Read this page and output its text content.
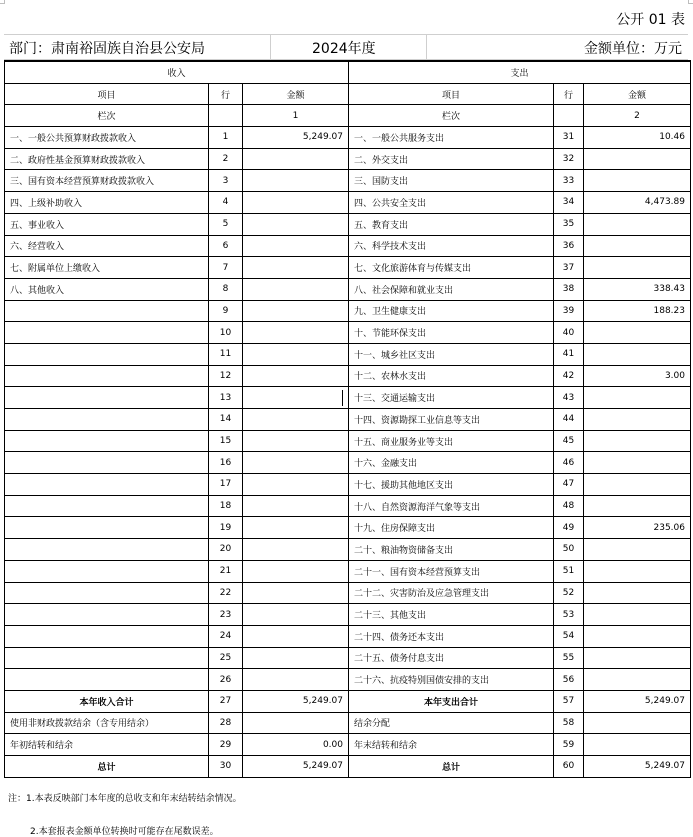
公开 01 表
部门：肃南裕固族自治县公安局	2024年度	金额单位：万元
收入			支出		
项目	行	金额	项目	行	金额
栏次		1	栏次		2
一、一般公共预算财政拨款收入	1	5,249.07	一、一般公共服务支出	31	10.46
二、政府性基金预算财政拨款收入	2		二、外交支出	32	
三、国有资本经营预算财政拨款收入	3		三、国防支出	33	
四、上级补助收入	4		四、公共安全支出	34	4,473.89
五、事业收入	5		五、教育支出	35	
六、经营收入	6		六、科学技术支出	36	
七、附属单位上缴收入	7		七、文化旅游体育与传媒支出	37	
八、其他收入	8		八、社会保障和就业支出	38	338.43
	9		九、卫生健康支出	39	188.23
	10		十、节能环保支出	40	
	11		十一、城乡社区支出	41	
	12		十二、农林水支出	42	3.00
	13		十三、交通运输支出	43	
	14		十四、资源勘探工业信息等支出	44	
	15		十五、商业服务业等支出	45	
	16		十六、金融支出	46	
	17		十七、援助其他地区支出	47	
	18		十八、自然资源海洋气象等支出	48	
	19		十九、住房保障支出	49	235.06
	20		二十、粮油物资储备支出	50	
	21		二十一、国有资本经营预算支出	51	
	22		二十二、灾害防治及应急管理支出	52	
	23		二十三、其他支出	53	
	24		二十四、债务还本支出	54	
	25		二十五、债务付息支出	55	
	26		二十六、抗疫特别国债安排的支出	56	
本年收入合计	27	5,249.07	本年支出合计	57	5,249.07
使用非财政拨款结余（含专用结余）	28		结余分配	58	
年初结转和结余	29	0.00	年末结转和结余	59	
总计	30	5,249.07	总计	60	5,249.07
注：1.本表反映部门本年度的总收支和年末结转结余情况。
2.本套报表金额单位转换时可能存在尾数误差。
